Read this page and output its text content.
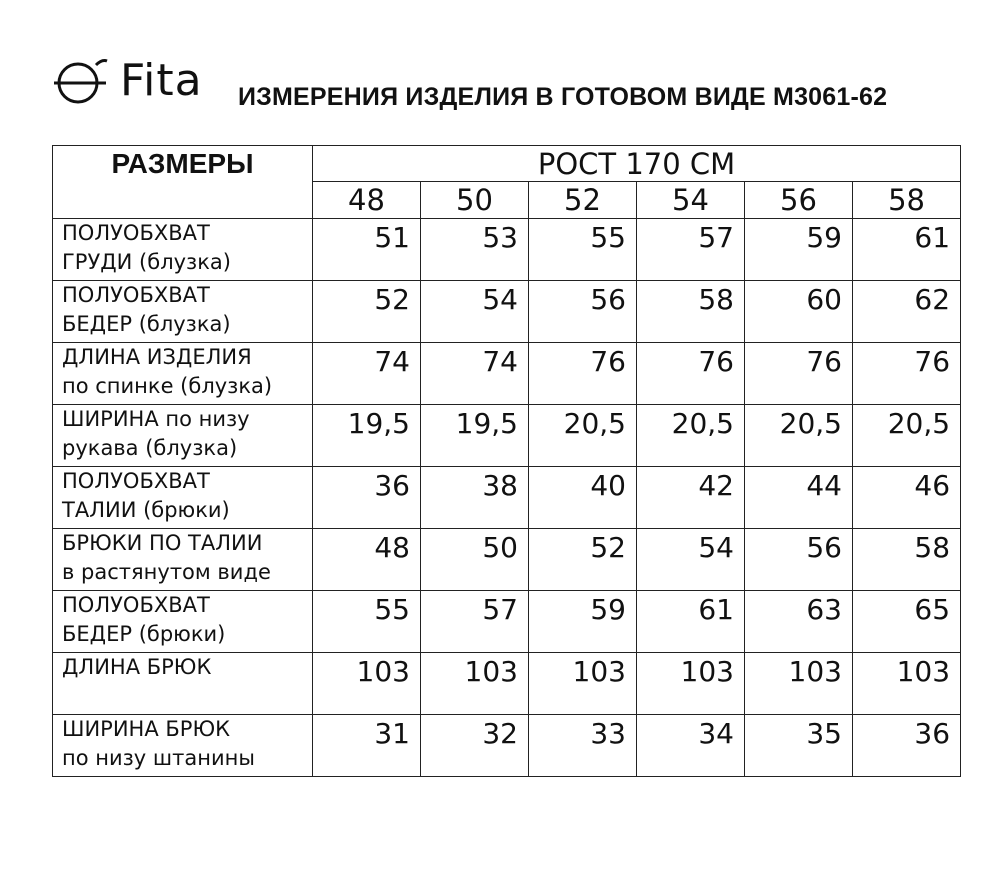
Fita ИЗМЕРЕНИЯ ИЗДЕЛИЯ В ГОТОВОМ ВИДЕ М3061-62
РАЗМЕРЫ	РОСТ 170 СМ					
	48	50	52	54	56	58

ПОЛУОБХВАТ
ГРУДИ (блузка)	51	53	55	57	59	61

ПОЛУОБХВАТ
БЕДЕР (блузка)	52	54	56	58	60	62

ДЛИНА ИЗДЕЛИЯ
по спинке (блузка)	74	74	76	76	76	76

ШИРИНА по низу
рукава (блузка)	19,5	19,5	20,5	20,5	20,5	20,5

ПОЛУОБХВАТ
ТАЛИИ (брюки)	36	38	40	42	44	46

БРЮКИ ПО ТАЛИИ
в растянутом виде	48	50	52	54	56	58

ПОЛУОБХВАТ
БЕДЕР (брюки)	55	57	59	61	63	65

ДЛИНА БРЮК	103	103	103	103	103	103

ШИРИНА БРЮК
по низу штанины	31	32	33	34	35	36
